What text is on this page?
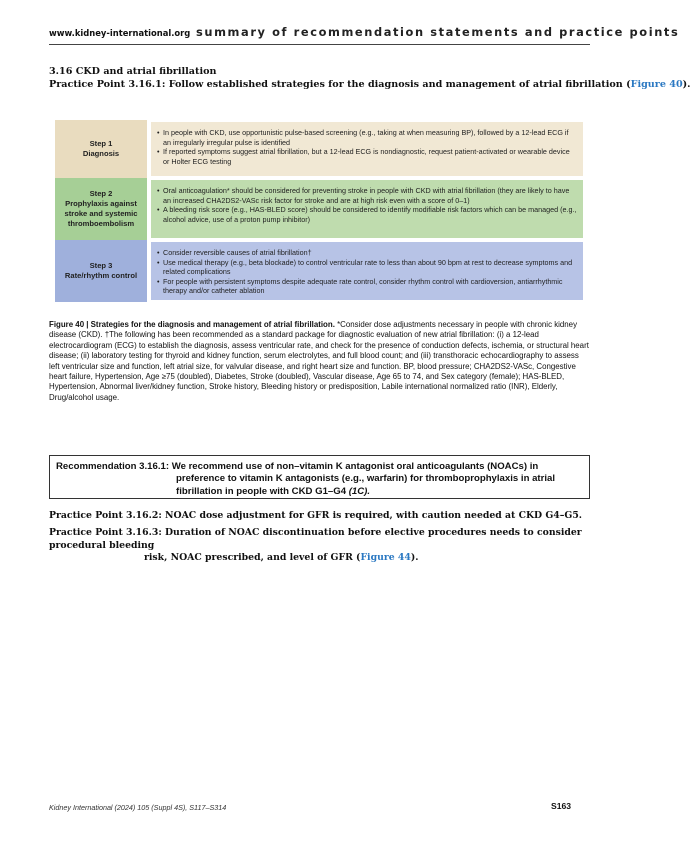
www.kidney-international.org summary of recommendation statements and practice points
3.16 CKD and atrial fibrillation
Practice Point 3.16.1: Follow established strategies for the diagnosis and management of atrial fibrillation (Figure 40).
Step 1
Diagnosis

• In people with CKD, use opportunistic pulse-based screening (e.g., taking at when measuring BP), followed by a 12-lead ECG if an irregularly irregular pulse is identified

• If reported symptoms suggest atrial fibrillation, but a 12-lead ECG is nondiagnostic, request patient-activated or wearable device or Holter ECG testing

Step 2
Prophylaxis against
stroke and systemic
thromboembolism

• Oral anticoagulation* should be considered for preventing stroke in people with CKD with atrial fibrillation (they are likely to have an increased CHA2DS2-VASc risk factor for stroke and are at high risk even with a score of 0–1)

• A bleeding risk score (e.g., HAS-BLED score) should be considered to identify modifiable risk factors which can be managed (e.g., alcohol advice, use of a proton pump inhibitor)

Step 3
Rate/rhythm control

• Consider reversible causes of atrial fibrillation†

• Use medical therapy (e.g., beta blockade) to control ventricular rate to less than about 90 bpm at rest to decrease symptoms and related complications

• For people with persistent symptoms despite adequate rate control, consider rhythm control with cardioversion, antiarrhythmic therapy and/or catheter ablation

Figure 40 | Strategies for the diagnosis and management of atrial fibrillation. *Consider dose adjustments necessary in people with chronic kidney disease (CKD). †The following has been recommended as a standard package for diagnostic evaluation of new atrial fibrillation: (i) a 12-lead electrocardiogram (ECG) to establish the diagnosis, assess ventricular rate, and check for the presence of conduction defects, ischemia, or structural heart disease; (ii) laboratory testing for thyroid and kidney function, serum electrolytes, and full blood count; and (iii) transthoracic echocardiography to assess left ventricular size and function, left atrial size, for valvular disease, and right heart size and function. BP, blood pressure; CHA2DS2-VASc, Congestive heart failure, Hypertension, Age ≥75 (doubled), Diabetes, Stroke (doubled), Vascular disease, Age 65 to 74, and Sex category (female); HAS-BLED, Hypertension, Abnormal liver/kidney function, Stroke history, Bleeding history or predisposition, Labile international normalized ratio (INR), Elderly, Drug/alcohol usage.
Recommendation 3.16.1: We recommend use of non–vitamin K antagonist oral anticoagulants (NOACs) in
preference to vitamin K antagonists (e.g., warfarin) for thromboprophylaxis in atrial
fibrillation in people with CKD G1–G4 (1C).
Practice Point 3.16.2: NOAC dose adjustment for GFR is required, with caution needed at CKD G4–G5.
Practice Point 3.16.3: Duration of NOAC discontinuation before elective procedures needs to consider procedural bleeding
risk, NOAC prescribed, and level of GFR (Figure 44).
Kidney International (2024) 105 (Suppl 4S), S117–S314	S163
